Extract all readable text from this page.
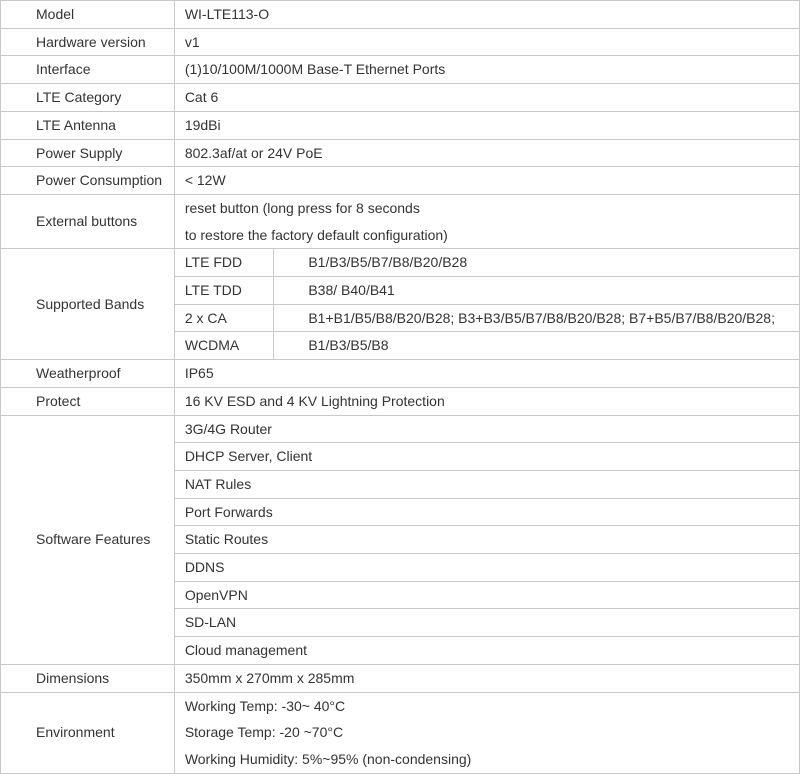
Model	WI-LTE113-O	
Hardware version	v1	
Interface	(1)10/100M/1000M Base-T Ethernet Ports	
LTE Category	Cat 6	
LTE Antenna	19dBi	
Power Supply	802.3af/at or 24V PoE	
Power Consumption	< 12W	
External buttons	reset button (long press for 8 seconds	
	to restore the factory default configuration)	
Supported Bands	LTE FDD	B1/B3/B5/B7/B8/B20/B28
	LTE TDD	B38/ B40/B41
	2 x CA	B1+B1/B5/B8/B20/B28; B3+B3/B5/B7/B8/B20/B28; B7+B5/B7/B8/B20/B28;
	WCDMA	B1/B3/B5/B8
Weatherproof	IP65	
Protect	16 KV ESD and 4 KV Lightning Protection	
Software Features	3G/4G Router	
	DHCP Server, Client	
	NAT Rules	
	Port Forwards	
	Static Routes	
	DDNS	
	OpenVPN	
	SD-LAN	
	Cloud management	
Dimensions	350mm x 270mm x 285mm	
Environment	Working Temp: -30~ 40°C	
	Storage Temp: -20 ~70°C	
	Working Humidity: 5%~95% (non-condensing)	
